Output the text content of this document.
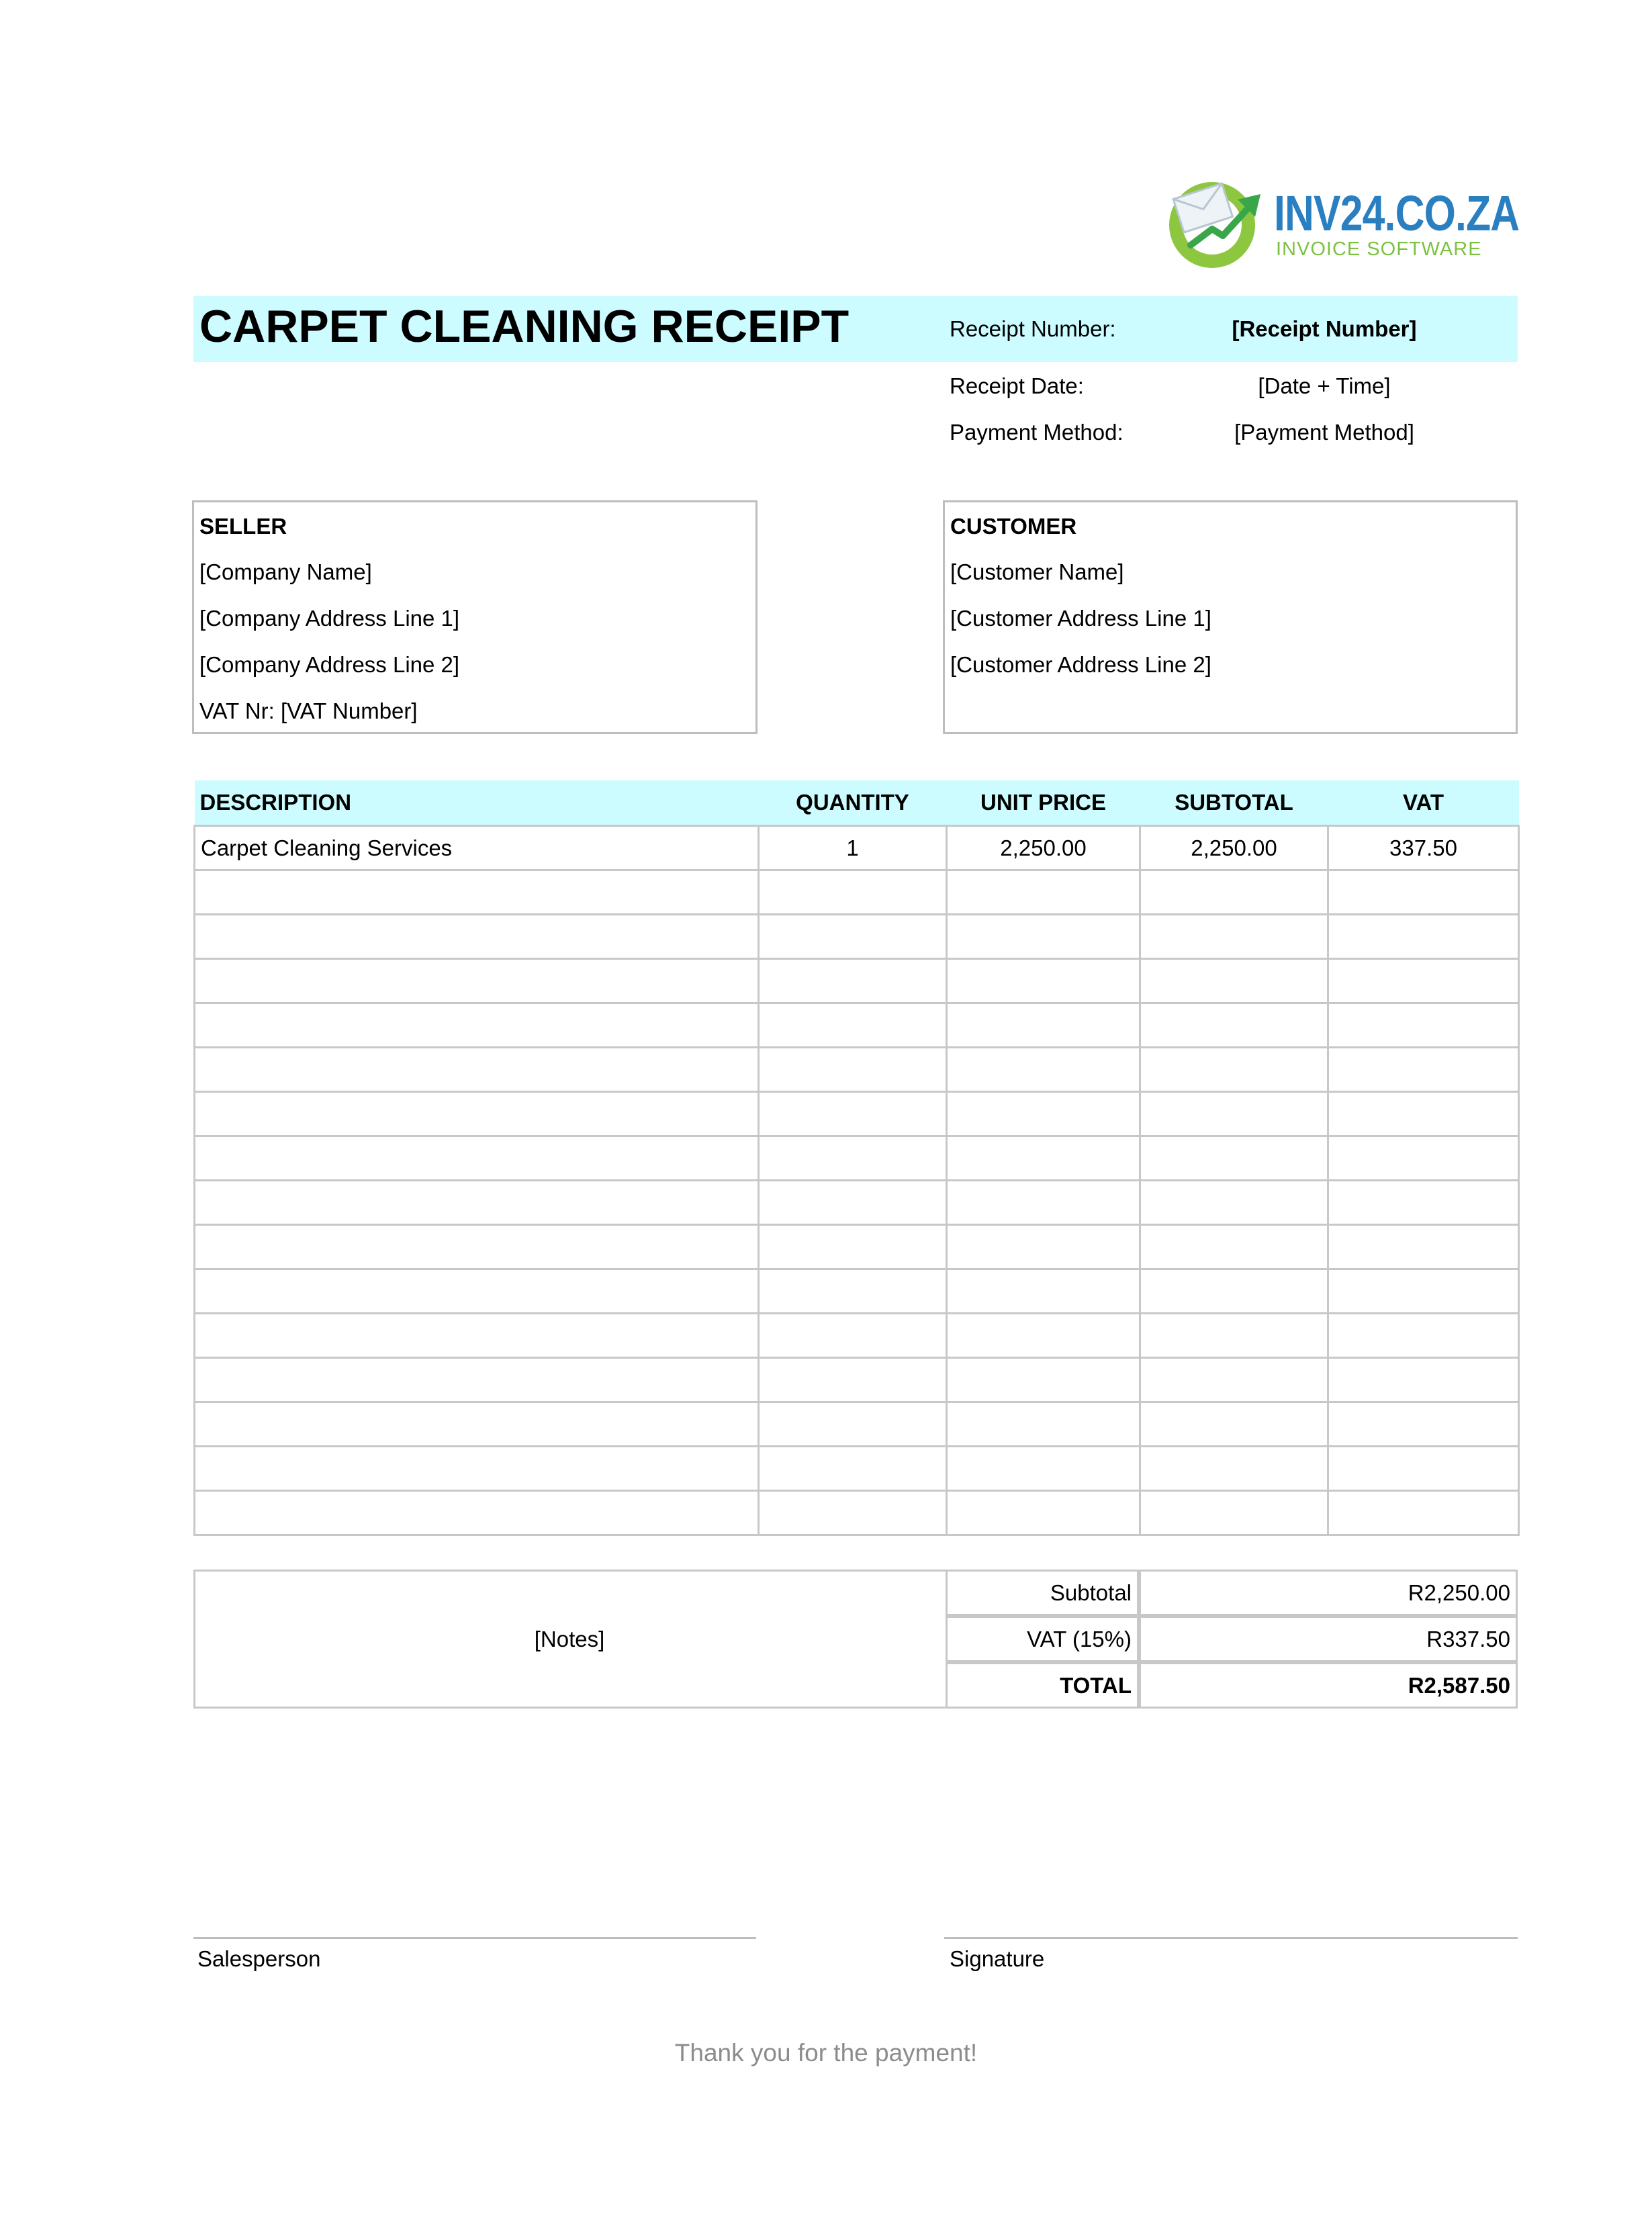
INV24.CO.ZA
INVOICE SOFTWARE
CARPET CLEANING RECEIPT	Receipt Number:	[Receipt Number]
Receipt Date:	[Date + Time]
Payment Method:	[Payment Method]
SELLER
[Company Name]
[Company Address Line 1]
[Company Address Line 2]
VAT Nr: [VAT Number]
CUSTOMER
[Customer Name]
[Customer Address Line 1]
[Customer Address Line 2]
DESCRIPTION	QUANTITY	UNIT PRICE	SUBTOTAL	VAT
Carpet Cleaning Services	1	2,250.00	2,250.00	337.50

[Notes]
Subtotal	R2,250.00
VAT (15%)	R337.50
TOTAL	R2,587.50
Salesperson	Signature
Thank you for the payment!
